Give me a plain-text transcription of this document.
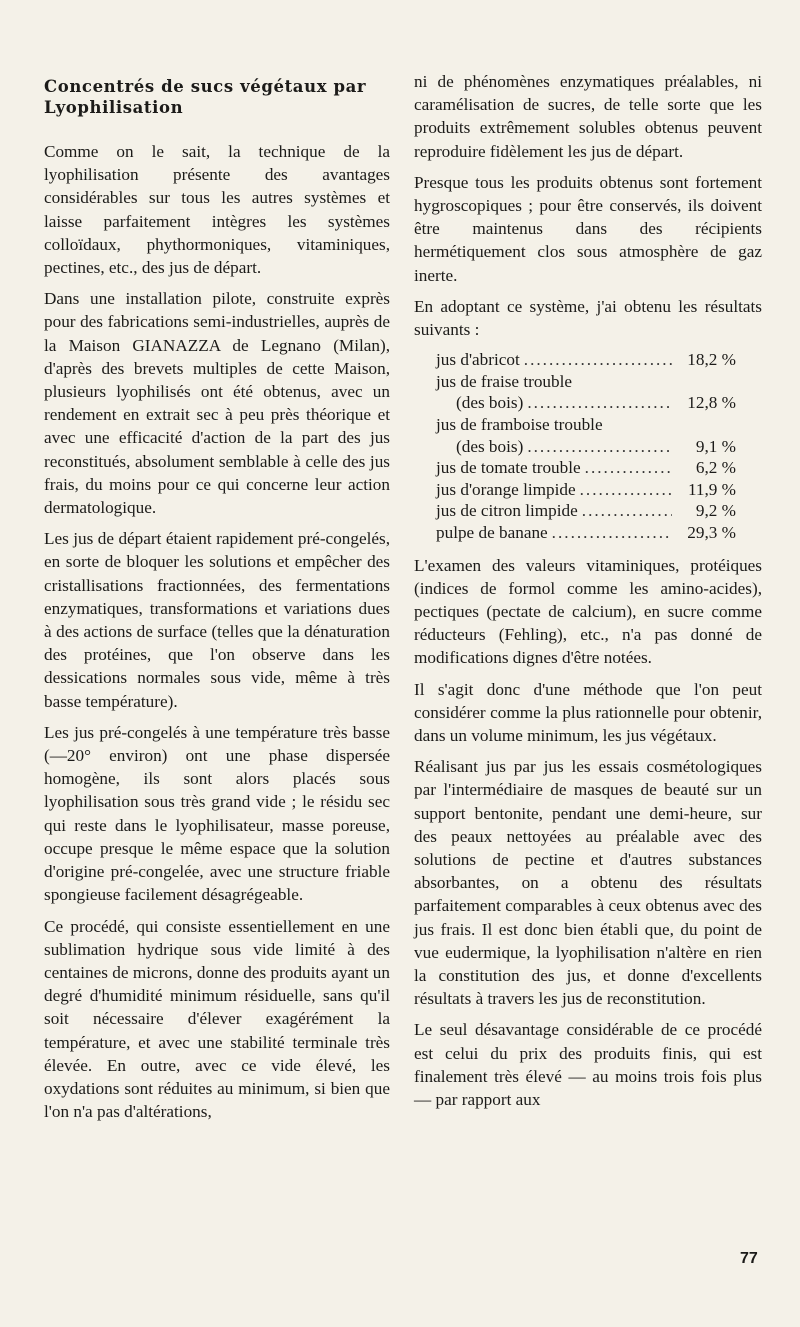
Concentrés de sucs végétaux par Lyophilisation

Comme on le sait, la technique de la lyophilisation présente des avantages considérables sur tous les autres systèmes et laisse parfaitement intègres les systèmes colloïdaux, phythormoniques, vitaminiques, pectines, etc., des jus de départ.

Dans une installation pilote, construite exprès pour des fabrications semi-industrielles, auprès de la Maison GIANAZZA de Legnano (Milan), d'après des brevets multiples de cette Maison, plusieurs lyophilisés ont été obtenus, avec un rendement en extrait sec à peu près théorique et avec une efficacité d'action de la part des jus reconstitués, absolument semblable à celle des jus frais, du moins pour ce qui concerne leur action dermatologique.

Les jus de départ étaient rapidement pré-congelés, en sorte de bloquer les solutions et empêcher des cristallisations fractionnées, des fermentations enzymatiques, transformations et variations dues à des actions de surface (telles que la dénaturation des protéines, que l'on observe dans les dessications normales sous vide, même à très basse température).

Les jus pré-congelés à une température très basse (—20° environ) ont une phase dispersée homogène, ils sont alors placés sous lyophilisation sous très grand vide ; le résidu sec qui reste dans le lyophilisateur, masse poreuse, occupe presque le même espace que la solution d'origine pré-congelée, avec une structure friable spongieuse facilement désagrégeable.

Ce procédé, qui consiste essentiellement en une sublimation hydrique sous vide limité à des centaines de microns, donne des produits ayant un degré d'humidité minimum résiduelle, sans qu'il soit nécessaire d'élever exagérément la température, et avec une stabilité terminale très élevée. En outre, avec ce vide élevé, les oxydations sont réduites au minimum, si bien que l'on n'a pas d'altérations,

ni de phénomènes enzymatiques préalables, ni caramélisation de sucres, de telle sorte que les produits extrêmement solubles obtenus peuvent reproduire fidèlement les jus de départ.

Presque tous les produits obtenus sont fortement hygroscopiques ; pour être conservés, ils doivent être maintenus dans des récipients hermétiquement clos sous atmosphère de gaz inerte.

En adoptant ce système, j'ai obtenu les résultats suivants :

jus d'abricot .....	18,2 %
jus de fraise trouble
(des bois) .....	12,8 %
jus de framboise trouble
(des bois) .....	9,1 %
jus de tomate trouble .....	6,2 %
jus d'orange limpide .....	11,9 %
jus de citron limpide .....	9,2 %
pulpe de banane .....	29,3 %

L'examen des valeurs vitaminiques, protéiques (indices de formol comme les amino-acides), pectiques (pectate de calcium), en sucre comme réducteurs (Fehling), etc., n'a pas donné de modifications dignes d'être notées.

Il s'agit donc d'une méthode que l'on peut considérer comme la plus rationnelle pour obtenir, dans un volume minimum, les jus végétaux.

Réalisant jus par jus les essais cosmétologiques par l'intermédiaire de masques de beauté sur un support bentonite, pendant une demi-heure, sur des peaux nettoyées au préalable avec des solutions de pectine et d'autres substances absorbantes, on a obtenu des résultats parfaitement comparables à ceux obtenus avec des jus frais. Il est donc bien établi que, du point de vue eudermique, la lyophilisation n'altère en rien la constitution des jus, et donne d'excellents résultats à travers les jus de reconstitution.

Le seul désavantage considérable de ce procédé est celui du prix des produits finis, qui est finalement très élevé — au moins trois fois plus — par rapport aux

77
